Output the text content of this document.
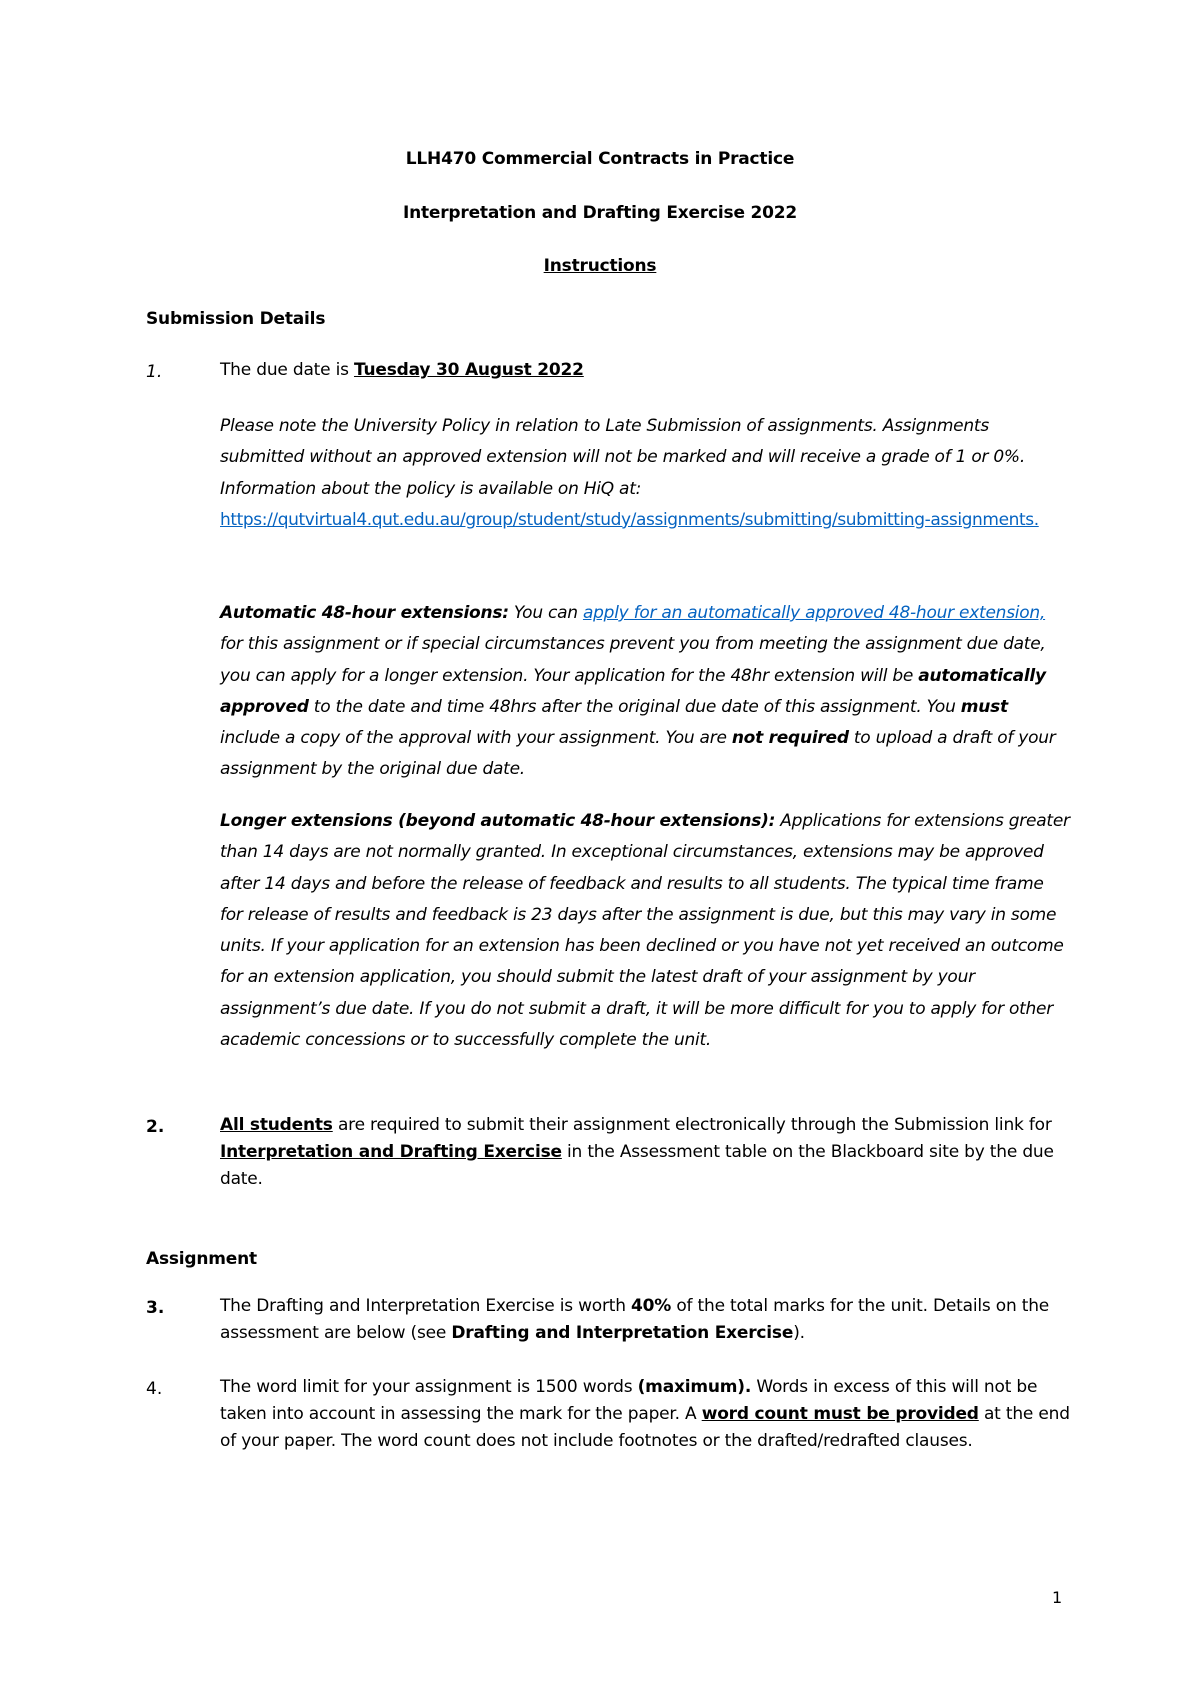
LLH470 Commercial Contracts in Practice
Interpretation and Drafting Exercise 2022
Instructions
Submission Details
1.	The due date is Tuesday 30 August 2022
Please note the University Policy in relation to Late Submission of assignments. Assignments submitted without an approved extension will not be marked and will receive a grade of 1 or 0%. Information about the policy is available on HiQ at: https://qutvirtual4.qut.edu.au/group/student/study/assignments/submitting/submitting-assignments.
Automatic 48-hour extensions: You can apply for an automatically approved 48-hour extension, for this assignment or if special circumstances prevent you from meeting the assignment due date, you can apply for a longer extension. Your application for the 48hr extension will be automatically approved to the date and time 48hrs after the original due date of this assignment. You must include a copy of the approval with your assignment. You are not required to upload a draft of your assignment by the original due date.
Longer extensions (beyond automatic 48-hour extensions): Applications for extensions greater than 14 days are not normally granted. In exceptional circumstances, extensions may be approved after 14 days and before the release of feedback and results to all students. The typical time frame for release of results and feedback is 23 days after the assignment is due, but this may vary in some units. If your application for an extension has been declined or you have not yet received an outcome for an extension application, you should submit the latest draft of your assignment by your assignment’s due date. If you do not submit a draft, it will be more difficult for you to apply for other academic concessions or to successfully complete the unit.
2.	All students are required to submit their assignment electronically through the Submission link for Interpretation and Drafting Exercise in the Assessment table on the Blackboard site by the due date.
Assignment
3.	The Drafting and Interpretation Exercise is worth 40% of the total marks for the unit. Details on the assessment are below (see Drafting and Interpretation Exercise).
4.	The word limit for your assignment is 1500 words (maximum). Words in excess of this will not be taken into account in assessing the mark for the paper. A word count must be provided at the end of your paper. The word count does not include footnotes or the drafted/redrafted clauses.
1
